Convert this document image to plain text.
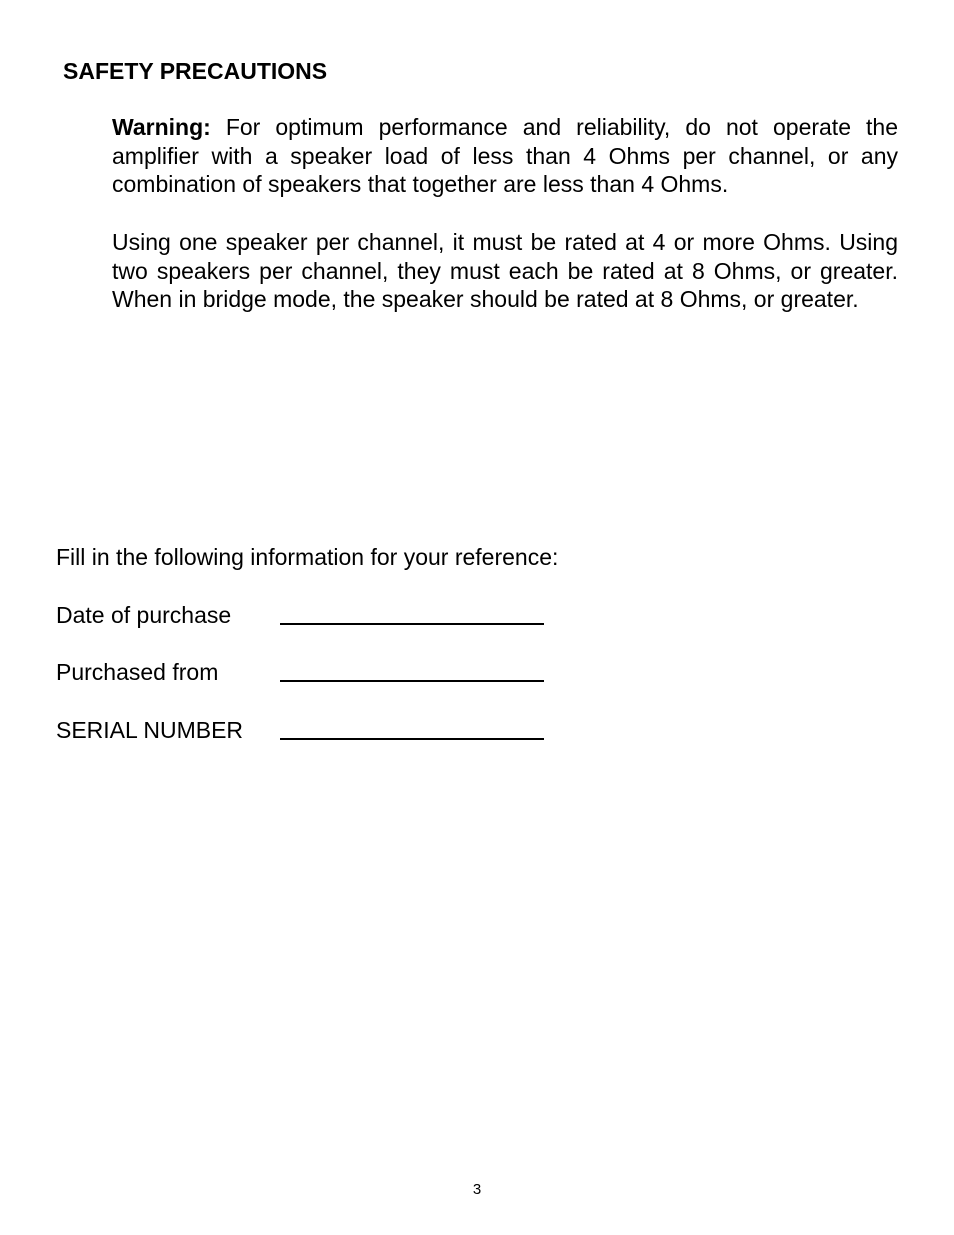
SAFETY PRECAUTIONS

Warning: For optimum performance and reliability, do not operate the amplifier with a speaker load of less than 4 Ohms per channel, or any combination of speakers that together are less than 4 Ohms.

Using one speaker per channel, it must be rated at 4 or more Ohms. Using two speakers per channel, they must each be rated at 8 Ohms, or greater. When in bridge mode, the speaker should be rated at 8 Ohms, or greater.

Fill in the following information for your reference:

Date of purchase
Purchased from
SERIAL NUMBER
3
